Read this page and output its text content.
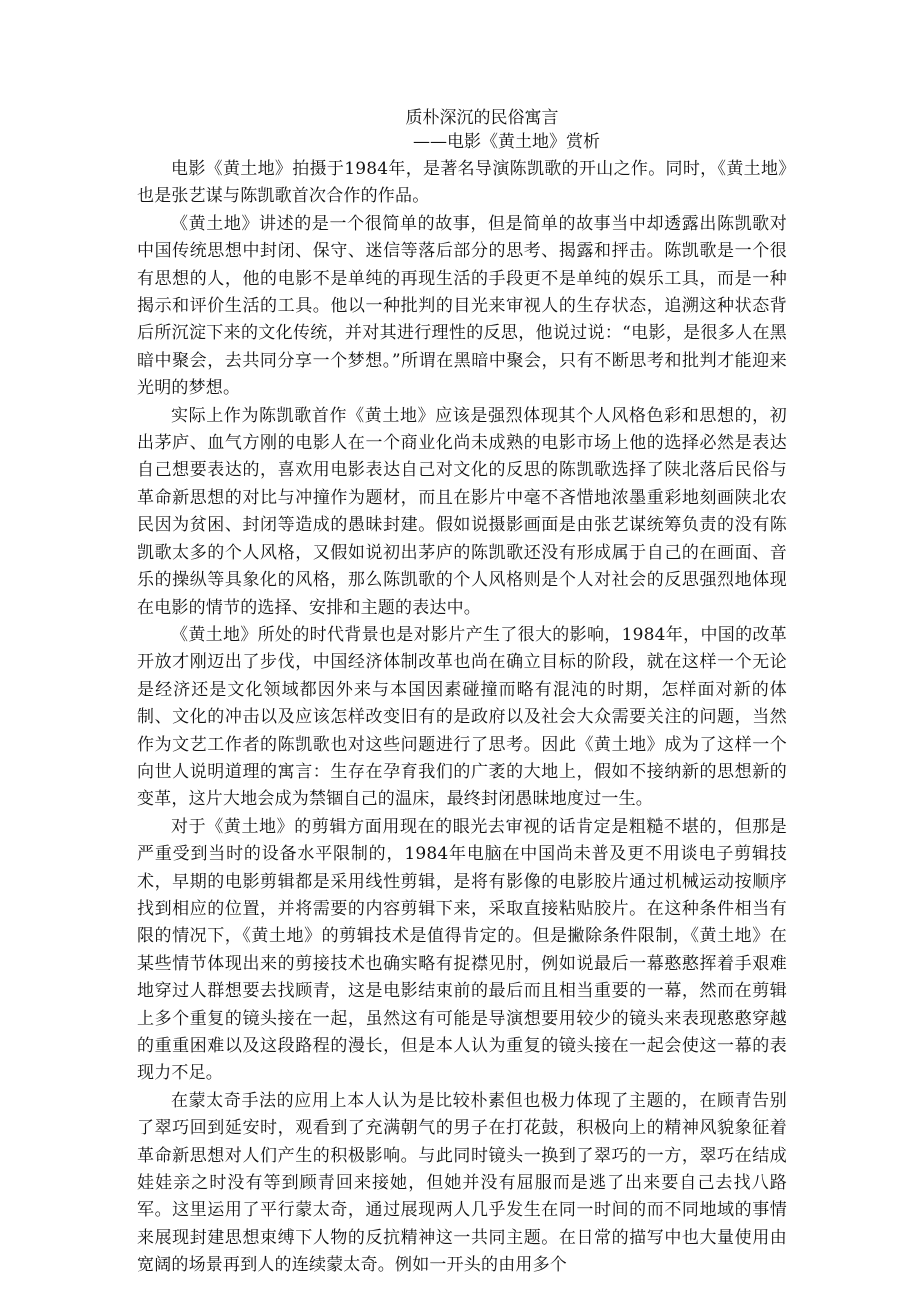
质朴深沉的民俗寓言

——电影《黄土地》赏析

电影《黄土地》拍摄于1984年，是著名导演陈凯歌的开山之作。同时，《黄土地》也是张艺谋与陈凯歌首次合作的作品。

《黄土地》讲述的是一个很简单的故事，但是简单的故事当中却透露出陈凯歌对中国传统思想中封闭、保守、迷信等落后部分的思考、揭露和抨击。陈凯歌是一个很有思想的人，他的电影不是单纯的再现生活的手段更不是单纯的娱乐工具，而是一种揭示和评价生活的工具。他以一种批判的目光来审视人的生存状态，追溯这种状态背后所沉淀下来的文化传统，并对其进行理性的反思，他说过说：“电影，是很多人在黑暗中聚会，去共同分享一个梦想。”所谓在黑暗中聚会，只有不断思考和批判才能迎来光明的梦想。

实际上作为陈凯歌首作《黄土地》应该是强烈体现其个人风格色彩和思想的，初出茅庐、血气方刚的电影人在一个商业化尚未成熟的电影市场上他的选择必然是表达自己想要表达的，喜欢用电影表达自己对文化的反思的陈凯歌选择了陕北落后民俗与革命新思想的对比与冲撞作为题材，而且在影片中毫不吝惜地浓墨重彩地刻画陕北农民因为贫困、封闭等造成的愚昧封建。假如说摄影画面是由张艺谋统筹负责的没有陈凯歌太多的个人风格，又假如说初出茅庐的陈凯歌还没有形成属于自己的在画面、音乐的操纵等具象化的风格，那么陈凯歌的个人风格则是个人对社会的反思强烈地体现在电影的情节的选择、安排和主题的表达中。

《黄土地》所处的时代背景也是对影片产生了很大的影响，1984年，中国的改革开放才刚迈出了步伐，中国经济体制改革也尚在确立目标的阶段，就在这样一个无论是经济还是文化领域都因外来与本国因素碰撞而略有混沌的时期，怎样面对新的体制、文化的冲击以及应该怎样改变旧有的是政府以及社会大众需要关注的问题，当然作为文艺工作者的陈凯歌也对这些问题进行了思考。因此《黄土地》成为了这样一个向世人说明道理的寓言：生存在孕育我们的广袤的大地上，假如不接纳新的思想新的变革，这片大地会成为禁锢自己的温床，最终封闭愚昧地度过一生。

对于《黄土地》的剪辑方面用现在的眼光去审视的话肯定是粗糙不堪的，但那是严重受到当时的设备水平限制的，1984年电脑在中国尚未普及更不用谈电子剪辑技术，早期的电影剪辑都是采用线性剪辑，是将有影像的电影胶片通过机械运动按顺序找到相应的位置，并将需要的内容剪辑下来，采取直接粘贴胶片。在这种条件相当有限的情况下，《黄土地》的剪辑技术是值得肯定的。但是撇除条件限制，《黄土地》在某些情节体现出来的剪接技术也确实略有捉襟见肘，例如说最后一幕憨憨挥着手艰难地穿过人群想要去找顾青，这是电影结束前的最后而且相当重要的一幕，然而在剪辑上多个重复的镜头接在一起，虽然这有可能是导演想要用较少的镜头来表现憨憨穿越的重重困难以及这段路程的漫长，但是本人认为重复的镜头接在一起会使这一幕的表现力不足。

在蒙太奇手法的应用上本人认为是比较朴素但也极力体现了主题的，在顾青告别了翠巧回到延安时，观看到了充满朝气的男子在打花鼓，积极向上的精神风貌象征着革命新思想对人们产生的积极影响。与此同时镜头一换到了翠巧的一方，翠巧在结成娃娃亲之时没有等到顾青回来接她，但她并没有屈服而是逃了出来要自己去找八路军。这里运用了平行蒙太奇，通过展现两人几乎发生在同一时间的而不同地域的事情来展现封建思想束缚下人物的反抗精神这一共同主题。在日常的描写中也大量使用由宽阔的场景再到人的连续蒙太奇。例如一开头的由用多个
